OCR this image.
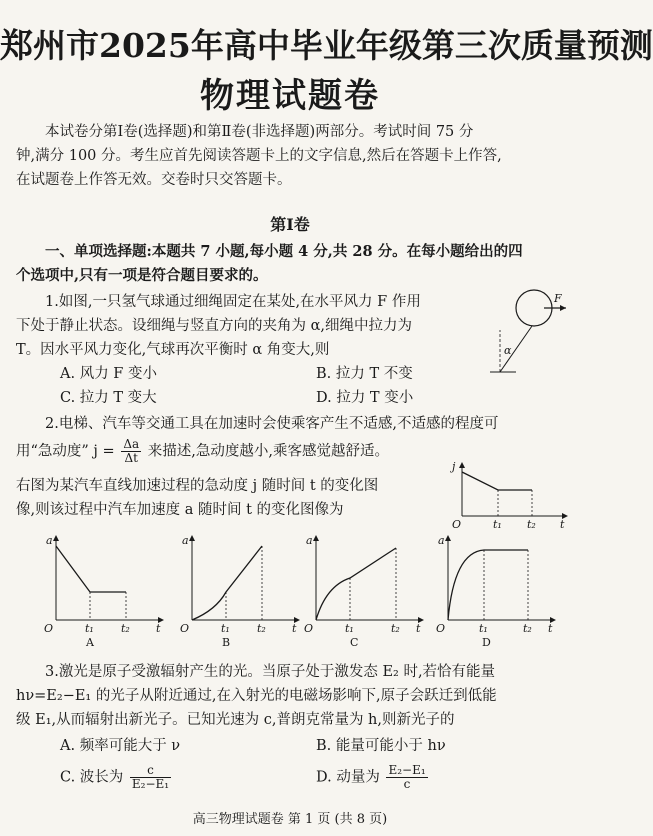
郑州市2025年高中毕业年级第三次质量预测
物理试题卷

本试卷分第Ⅰ卷(选择题)和第Ⅱ卷(非选择题)两部分。考试时间 75 分

钟,满分 100 分。考生应首先阅读答题卡上的文字信息,然后在答题卡上作答,

在试题卷上作答无效。交卷时只交答题卡。

第Ⅰ卷

一、单项选择题:本题共 7 小题,每小题 4 分,共 28 分。在每小题给出的四

个选项中,只有一项是符合题目要求的。

1.如图,一只氢气球通过细绳固定在某处,在水平风力 F 作用

下处于静止状态。设细绳与竖直方向的夹角为 α,细绳中拉力为

T。因水平风力变化,气球再次平衡时 α 角变大,则

A. 风力 F 变小	B. 拉力 T 不变
C. 拉力 T 变大	D. 拉力 T 变小
α
F

2.电梯、汽车等交通工具在加速时会使乘客产生不适感,不适感的程度可

用“急动度” $j = \frac{\Delta a}{\Delta t}$ 来描述,急动度越小,乘客感觉越舒适。

右图为某汽车直线加速过程的急动度 j 随时间 t 的变化图

像,则该过程中汽车加速度 a 随时间 t 的变化图像为

j
t
O	t₁ t₂
a
t
O	t₁ t₂
A
a
t
O	t₁ t₂
B
a
t
O	t₁	t₂
C
a
t
O	t₁	t₂
D

3.激光是原子受激辐射产生的光。当原子处于激发态 E₂ 时,若恰有能量

hν=E₂−E₁ 的光子从附近通过,在入射光的电磁场影响下,原子会跃迁到低能

级 E₁,从而辐射出新光子。已知光速为 c,普朗克常量为 h,则新光子的

A. 频率可能大于 ν	B. 能量可能小于 hν
C. 波长为 $\frac{c}{\text{E₂−E₁}}$	D. 动量为 $\frac{\text{E₂−E₁}}{c}$
高三物理试题卷 第 1 页 (共 8 页)
